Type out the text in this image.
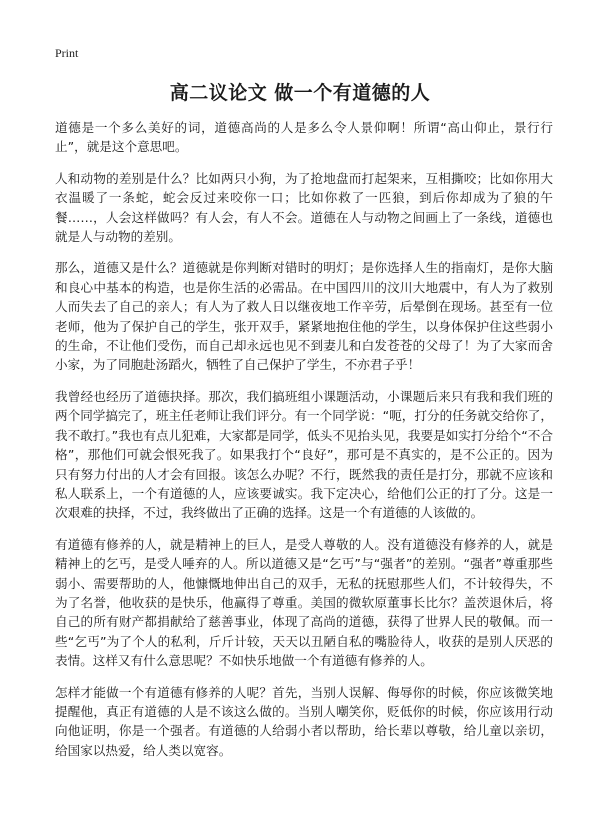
Print
高二议论文 做一个有道德的人

道德是一个多么美好的词，道德高尚的人是多么令人景仰啊！所谓“高山仰止，景行行止”，就是这个意思吧。

人和动物的差别是什么？比如两只小狗，为了抢地盘而打起架来，互相撕咬；比如你用大衣温暖了一条蛇，蛇会反过来咬你一口；比如你救了一匹狼，到后你却成为了狼的午餐……，人会这样做吗？有人会，有人不会。道德在人与动物之间画上了一条线，道德也就是人与动物的差别。

那么，道德又是什么？道德就是你判断对错时的明灯；是你选择人生的指南灯，是你大脑和良心中基本的构造，也是你生活的必需品。在中国四川的汶川大地震中，有人为了救别人而失去了自己的亲人；有人为了救人日以继夜地工作辛劳，后晕倒在现场。甚至有一位老师，他为了保护自己的学生，张开双手，紧紧地抱住他的学生，以身体保护住这些弱小的生命，不让他们受伤，而自己却永远也见不到妻儿和白发苍苍的父母了！为了大家而舍小家，为了同胞赴汤蹈火，牺牲了自己保护了学生，不亦君子乎！

我曾经也经历了道德抉择。那次，我们搞班组小课题活动，小课题后来只有我和我们班的两个同学搞完了，班主任老师让我们评分。有一个同学说：“呃，打分的任务就交给你了，我不敢打。”我也有点儿犯难，大家都是同学，低头不见抬头见，我要是如实打分给个“不合格”，那他们可就会恨死我了。如果我打个“良好”，那可是不真实的，是不公正的。因为只有努力付出的人才会有回报。该怎么办呢？不行，既然我的责任是打分，那就不应该和私人联系上，一个有道德的人，应该要诚实。我下定决心，给他们公正的打了分。这是一次艰难的抉择，不过，我终做出了正确的选择。这是一个有道德的人该做的。

有道德有修养的人，就是精神上的巨人，是受人尊敬的人。没有道德没有修养的人，就是精神上的乞丐，是受人唾弃的人。所以道德又是“乞丐”与“强者”的差别。“强者”尊重那些弱小、需要帮助的人，他慷慨地伸出自己的双手，无私的抚慰那些人们，不计较得失，不为了名誉，他收获的是快乐，他赢得了尊重。美国的微软原董事长比尔？盖茨退休后，将自己的所有财产都捐献给了慈善事业，体现了高尚的道德，获得了世界人民的敬佩。而一些“乞丐”为了个人的私利，斤斤计较，天天以丑陋自私的嘴脸待人，收获的是别人厌恶的表情。这样又有什么意思呢？不如快乐地做一个有道德有修养的人。

怎样才能做一个有道德有修养的人呢？首先，当别人误解、侮辱你的时候，你应该微笑地提醒他，真正有道德的人是不该这么做的。当别人嘲笑你，贬低你的时候，你应该用行动向他证明，你是一个强者。有道德的人给弱小者以帮助，给长辈以尊敬，给儿童以亲切，给国家以热爱，给人类以宽容。
